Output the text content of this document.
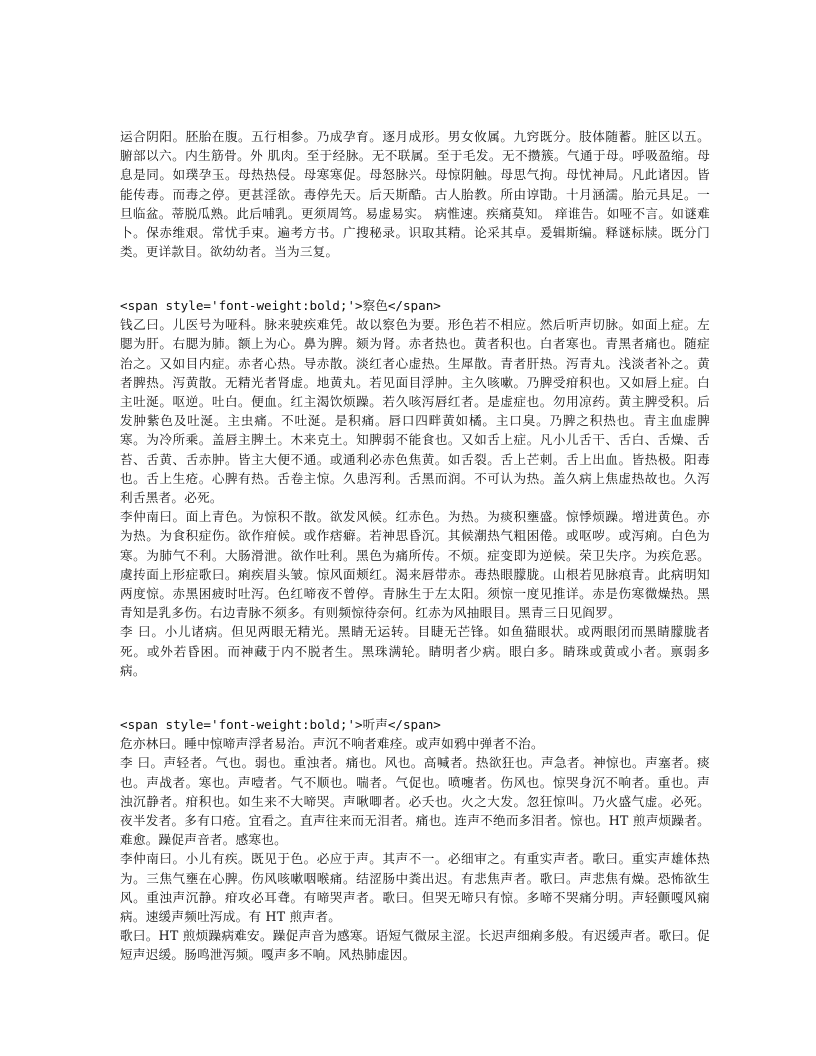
运合阴阳。胚胎在腹。五行相参。乃成孕育。逐月成形。男女攸属。九窍既分。肢体随蓄。脏区以五。腑部以六。内生筋骨。外 肌肉。至于经脉。无不联属。至于毛发。无不攒簇。气通于母。呼吸盈缩。母息是同。如璞孕玉。母热热侵。母寒寒促。母怒脉兴。母惊阴触。母思气拘。母忧神局。凡此诸因。皆能传毒。而毒之停。更甚淫欲。毒停先天。后天斯酷。古人胎教。所由谆勖。十月涵濡。胎元具足。一旦临盆。蒂脱瓜熟。此后哺乳。更须周笃。易虚易实。 病惟速。疾痛莫知。 痒谁告。如哑不言。如谜难卜。保赤维艰。常忧手束。遍考方书。广搜秘录。识取其精。论采其卓。爰辑斯编。释谜标牍。既分门类。更详款目。欲幼幼者。当为三复。

<span style='font-weight:bold;'>察色</span>

钱乙曰。儿医号为哑科。脉来驶疾难凭。故以察色为要。形色若不相应。然后听声切脉。如面上症。左腮为肝。右腮为肺。额上为心。鼻为脾。颏为肾。赤者热也。黄者积也。白者寒也。青黑者痛也。随症治之。又如目内症。赤者心热。导赤散。淡红者心虚热。生犀散。青者肝热。泻青丸。浅淡者补之。黄者脾热。泻黄散。无精光者肾虚。地黄丸。若见面目浮肿。主久咳嗽。乃脾受疳积也。又如唇上症。白主吐涎。呕逆。吐白。便血。红主渴饮烦躁。若久咳泻唇红者。是虚症也。勿用凉药。黄主脾受积。后发肿紫色及吐涎。主虫痛。不吐涎。是积痛。唇口四畔黄如橘。主口臭。乃脾之积热也。青主血虚脾寒。为冷所乘。盖唇主脾土。木来克土。知脾弱不能食也。又如舌上症。凡小儿舌干、舌白、舌燥、舌苔、舌黄、舌赤肿。皆主大便不通。或通利必赤色焦黄。如舌裂。舌上芒刺。舌上出血。皆热极。阳毒也。舌上生疮。心脾有热。舌卷主惊。久患泻利。舌黑而润。不可认为热。盖久病上焦虚热故也。久泻利舌黑者。必死。

李仲南曰。面上青色。为惊积不散。欲发风候。红赤色。为热。为痰积壅盛。惊悸烦躁。增进黄色。亦为热。为食积症伤。欲作疳候。或作痞癖。若神思昏沉。其候潮热气粗困倦。或呕哕。或泻痢。白色为寒。为肺气不利。大肠滑泄。欲作吐利。黑色为痛所传。不烦。症变即为逆候。荣卫失序。为疾危恶。虞抟面上形症歌曰。痢疾眉头皱。惊风面颊红。渴来唇带赤。毒热眼朦胧。山根若见脉痕青。此病明知两度惊。赤黑困疲时吐泻。色红啼夜不曾停。青脉生于左太阳。须惊一度见推详。赤是伤寒微燥热。黑青知是乳多伤。右边青脉不须多。有则频惊待奈何。红赤为风抽眼目。黑青三日见阎罗。

李 曰。小儿诸病。但见两眼无精光。黑睛无运转。目睫无芒锋。如鱼猫眼状。或两眼闭而黑睛朦胧者死。或外若昏困。而神藏于内不脱者生。黑珠满轮。睛明者少病。眼白多。睛珠或黄或小者。禀弱多病。

<span style='font-weight:bold;'>听声</span>

危亦林曰。睡中惊啼声浮者易治。声沉不响者难痊。或声如鸦中弹者不治。

李 曰。声轻者。气也。弱也。重浊者。痛也。风也。高喊者。热欲狂也。声急者。神惊也。声塞者。痰也。声战者。寒也。声噎者。气不顺也。喘者。气促也。喷嚏者。伤风也。惊哭身沉不响者。重也。声浊沉静者。疳积也。如生来不大啼哭。声啾唧者。必夭也。火之大发。忽狂惊叫。乃火盛气虚。必死。夜半发者。多有口疮。宜看之。直声往来而无泪者。痛也。连声不绝而多泪者。惊也。HT 煎声烦躁者。难愈。躁促声音者。感寒也。

李仲南曰。小儿有疾。既见于色。必应于声。其声不一。必细审之。有重实声者。歌曰。重实声雄体热为。三焦气壅在心脾。伤风咳嗽咽喉痛。结涩肠中粪出迟。有悲焦声者。歌曰。声悲焦有燥。恐怖欲生风。重浊声沉静。疳攻必耳聋。有啼哭声者。歌曰。但哭无啼只有惊。多啼不哭痛分明。声轻颤嘎风痫病。速缓声频吐泻成。有 HT 煎声者。

歌曰。HT 煎烦躁病难安。躁促声音为感寒。语短气微尿主涩。长迟声细痢多般。有迟缓声者。歌曰。促短声迟缓。肠鸣泄泻频。嘎声多不响。风热肺虚因。
